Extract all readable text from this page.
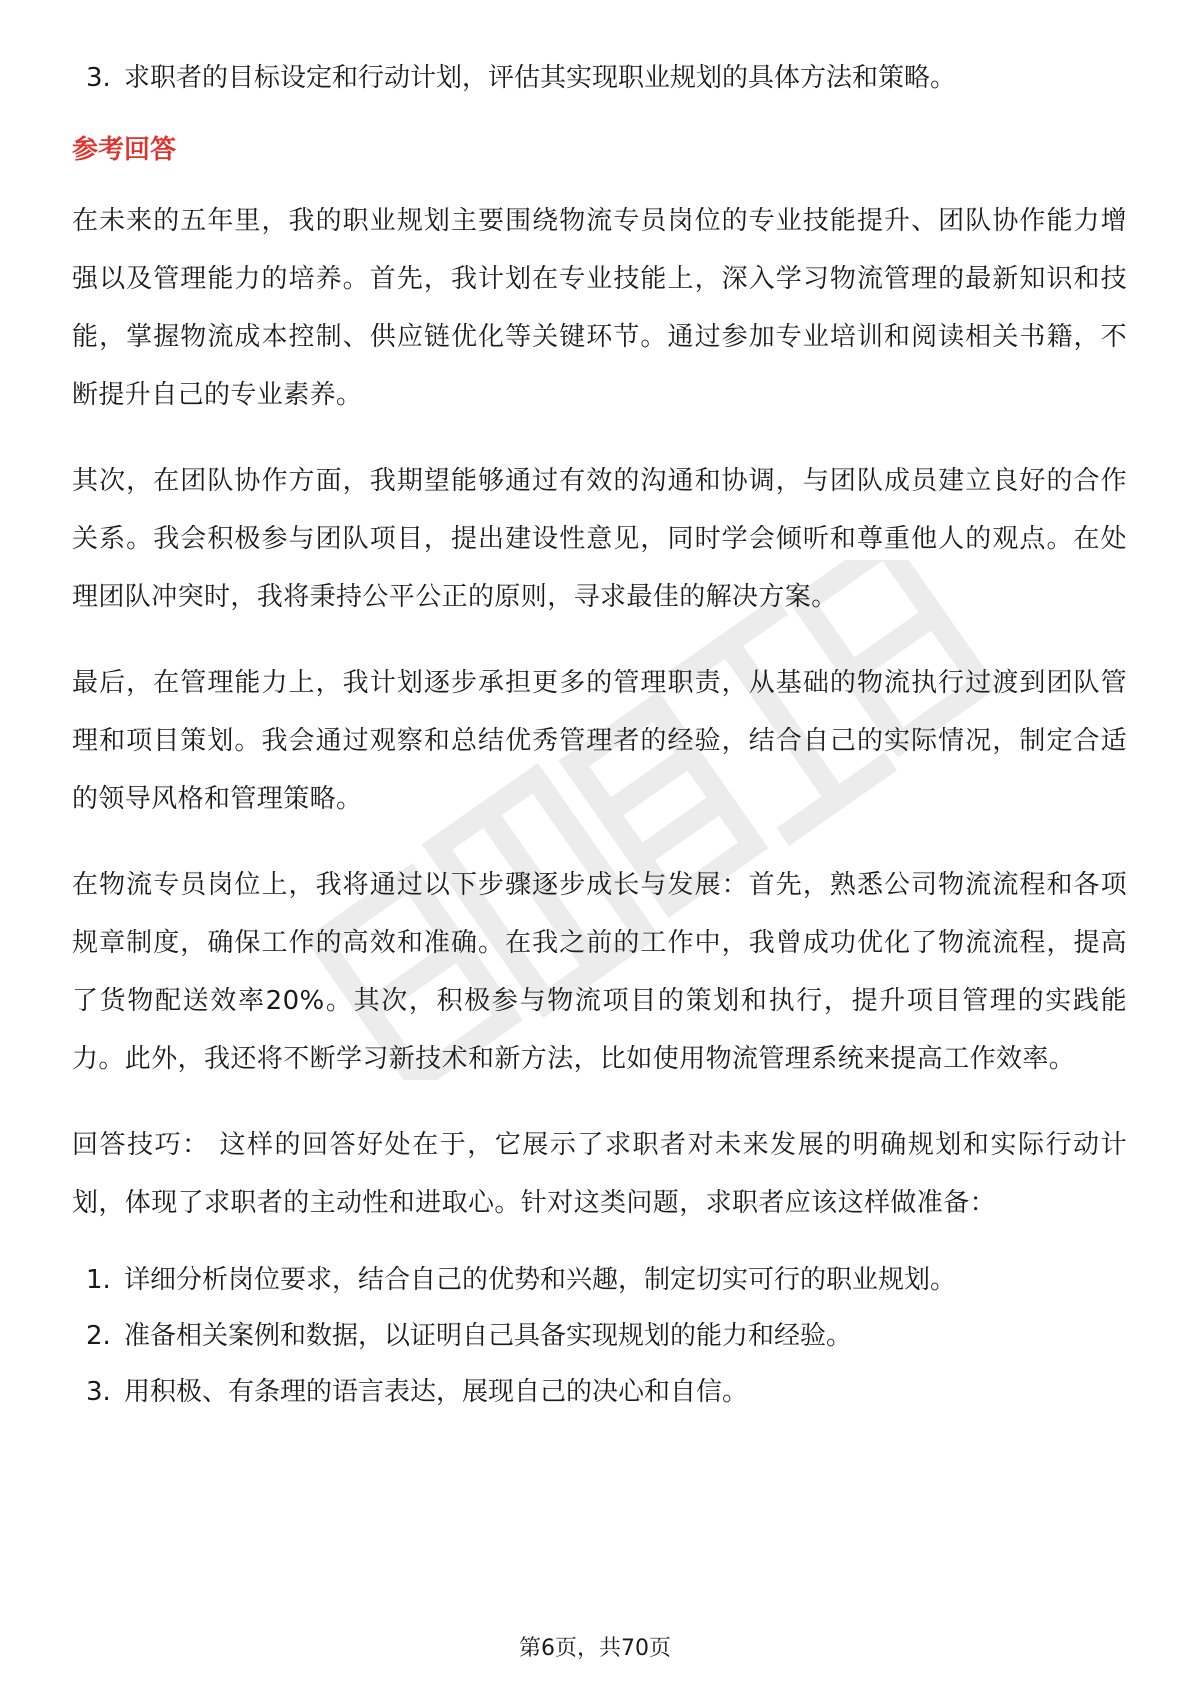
3. 求职者的目标设定和行动计划，评估其实现职业规划的具体方法和策略。
参考回答

在未来的五年里，我的职业规划主要围绕物流专员岗位的专业技能提升、团队协作能力增强以及管理能力的培养。首先，我计划在专业技能上，深入学习物流管理的最新知识和技能，掌握物流成本控制、供应链优化等关键环节。通过参加专业培训和阅读相关书籍，不断提升自己的专业素养。

其次，在团队协作方面，我期望能够通过有效的沟通和协调，与团队成员建立良好的合作关系。我会积极参与团队项目，提出建设性意见，同时学会倾听和尊重他人的观点。在处理团队冲突时，我将秉持公平公正的原则，寻求最佳的解决方案。

最后，在管理能力上，我计划逐步承担更多的管理职责，从基础的物流执行过渡到团队管理和项目策划。我会通过观察和总结优秀管理者的经验，结合自己的实际情况，制定合适的领导风格和管理策略。

在物流专员岗位上，我将通过以下步骤逐步成长与发展：首先，熟悉公司物流流程和各项规章制度，确保工作的高效和准确。在我之前的工作中，我曾成功优化了物流流程，提高了货物配送效率20%。其次，积极参与物流项目的策划和执行，提升项目管理的实践能力。此外，我还将不断学习新技术和新方法，比如使用物流管理系统来提高工作效率。

回答技巧： 这样的回答好处在于，它展示了求职者对未来发展的明确规划和实际行动计划，体现了求职者的主动性和进取心。针对这类问题，求职者应该这样做准备：

1. 详细分析岗位要求，结合自己的优势和兴趣，制定切实可行的职业规划。
2. 准备相关案例和数据，以证明自己具备实现规划的能力和经验。
3. 用积极、有条理的语言表达，展现自己的决心和自信。
第6页，共70页
